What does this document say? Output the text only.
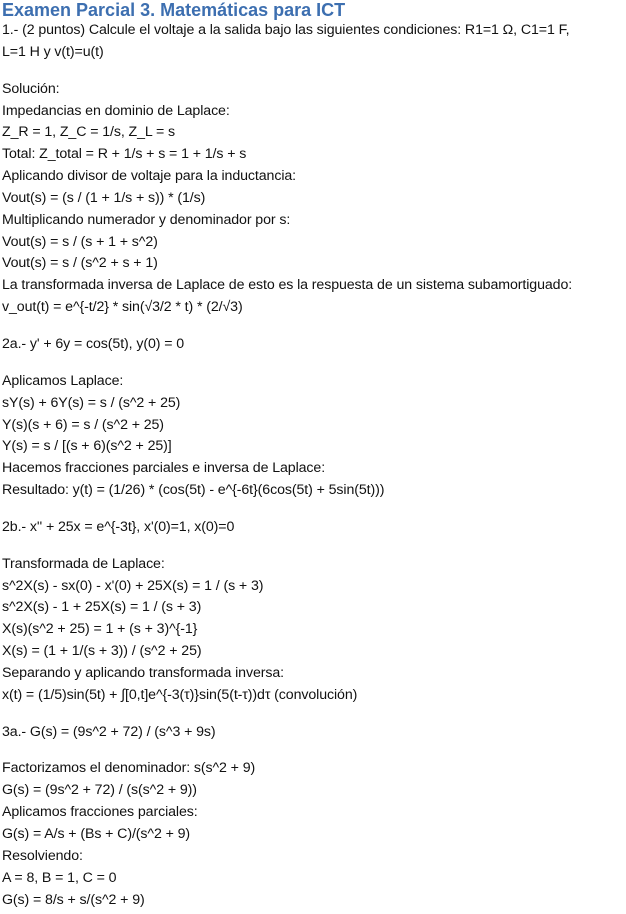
Examen Parcial 3. Matemáticas para ICT
1.- (2 puntos) Calcule el voltaje a la salida bajo las siguientes condiciones: R1=1 Ω, C1=1 F,
L=1 H y v(t)=u(t)
Solución:
Impedancias en dominio de Laplace:
Z_R = 1, Z_C = 1/s, Z_L = s
Total: Z_total = R + 1/s + s = 1 + 1/s + s
Aplicando divisor de voltaje para la inductancia:
Vout(s) = (s / (1 + 1/s + s)) * (1/s)
Multiplicando numerador y denominador por s:
Vout(s) = s / (s + 1 + s^2)
Vout(s) = s / (s^2 + s + 1)
La transformada inversa de Laplace de esto es la respuesta de un sistema subamortiguado:
v_out(t) = e^{-t/2} * sin(√3/2 * t) * (2/√3)
2a.- y' + 6y = cos(5t), y(0) = 0
Aplicamos Laplace:
sY(s) + 6Y(s) = s / (s^2 + 25)
Y(s)(s + 6) = s / (s^2 + 25)
Y(s) = s / [(s + 6)(s^2 + 25)]
Hacemos fracciones parciales e inversa de Laplace:
Resultado: y(t) = (1/26) * (cos(5t) - e^{-6t}(6cos(5t) + 5sin(5t)))
2b.- x'' + 25x = e^{-3t}, x'(0)=1, x(0)=0
Transformada de Laplace:
s^2X(s) - sx(0) - x'(0) + 25X(s) = 1 / (s + 3)
s^2X(s) - 1 + 25X(s) = 1 / (s + 3)
X(s)(s^2 + 25) = 1 + (s + 3)^{-1}
X(s) = (1 + 1/(s + 3)) / (s^2 + 25)
Separando y aplicando transformada inversa:
x(t) = (1/5)sin(5t) + ∫[0,t]e^{-3(τ)}sin(5(t-τ))dτ (convolución)
3a.- G(s) = (9s^2 + 72) / (s^3 + 9s)
Factorizamos el denominador: s(s^2 + 9)
G(s) = (9s^2 + 72) / (s(s^2 + 9))
Aplicamos fracciones parciales:
G(s) = A/s + (Bs + C)/(s^2 + 9)
Resolviendo:
A = 8, B = 1, C = 0
G(s) = 8/s + s/(s^2 + 9)
